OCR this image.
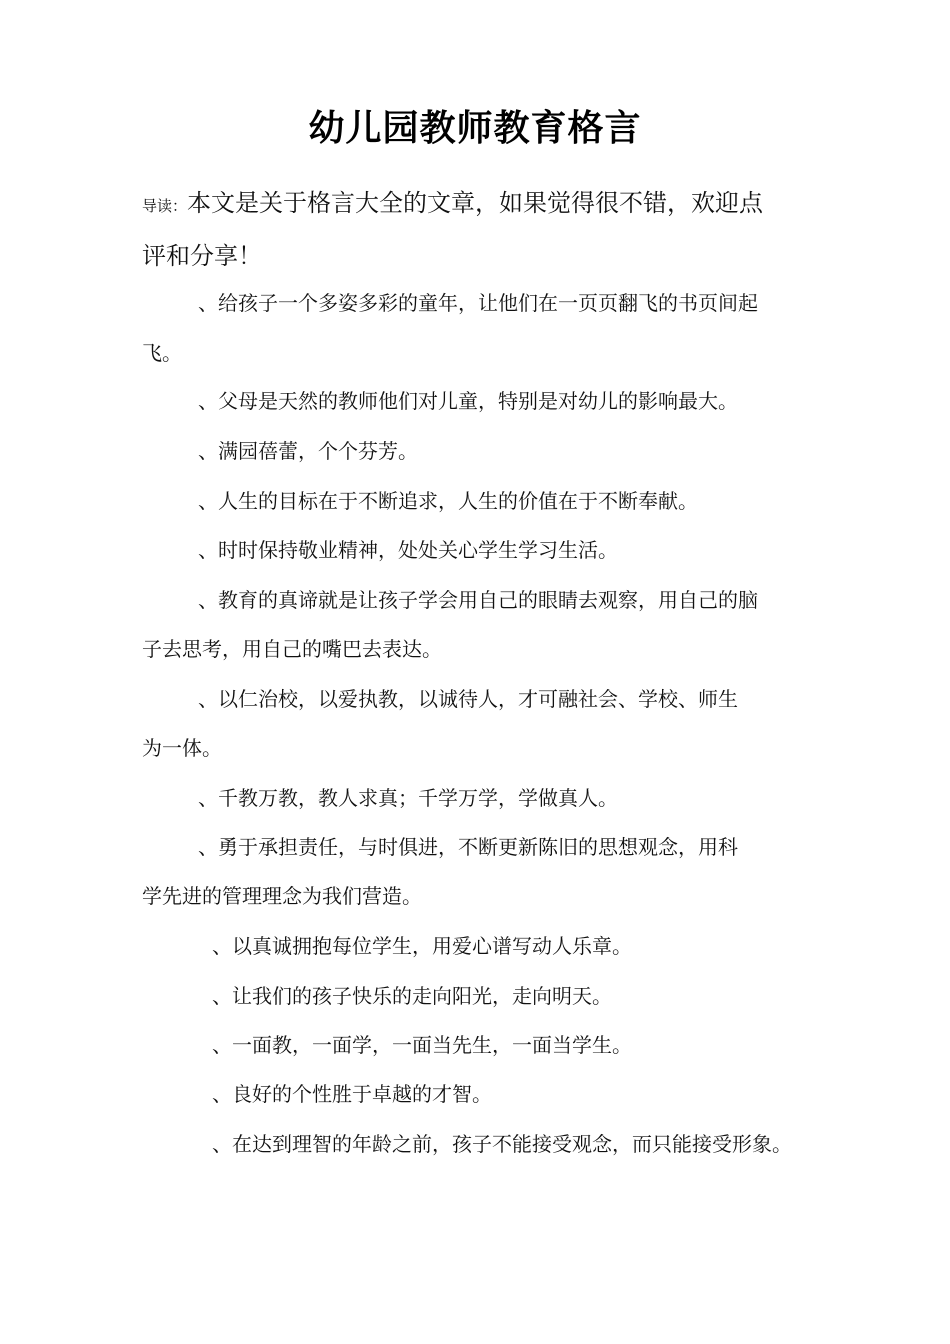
幼儿园教师教育格言
导读：本文是关于格言大全的文章，如果觉得很不错，欢迎点
评和分享！
、给孩子一个多姿多彩的童年，让他们在一页页翻飞的书页间起
飞。
、父母是天然的教师他们对儿童，特别是对幼儿的影响最大。
、满园蓓蕾，个个芬芳。
、人生的目标在于不断追求，人生的价值在于不断奉献。
、时时保持敬业精神，处处关心学生学习生活。
、教育的真谛就是让孩子学会用自己的眼睛去观察，用自己的脑
子去思考，用自己的嘴巴去表达。
、以仁治校，以爱执教，以诚待人，才可融社会、学校、师生
为一体。
、千教万教，教人求真；千学万学，学做真人。
、勇于承担责任，与时俱进，不断更新陈旧的思想观念，用科
学先进的管理理念为我们营造。
、以真诚拥抱每位学生，用爱心谱写动人乐章。
、让我们的孩子快乐的走向阳光，走向明天。
、一面教，一面学，一面当先生，一面当学生。
、良好的个性胜于卓越的才智。
、在达到理智的年龄之前，孩子不能接受观念，而只能接受形象。
